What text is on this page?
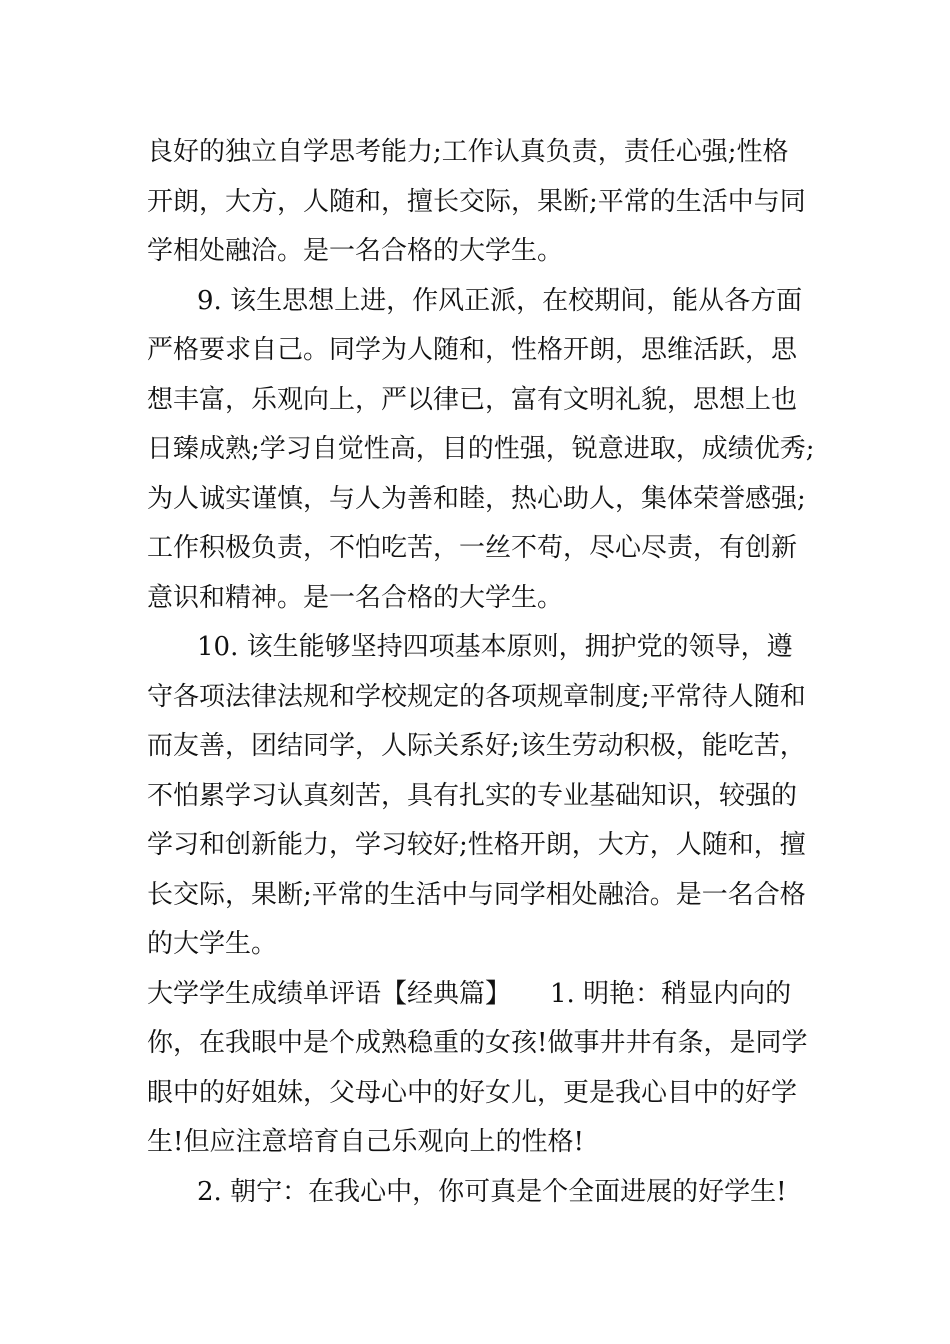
良好的独立自学思考能力;工作认真负责，责任心强;性格
开朗，大方，人随和，擅长交际，果断;平常的生活中与同
学相处融洽。是一名合格的大学生。
9. 该生思想上进，作风正派，在校期间，能从各方面
严格要求自己。同学为人随和，性格开朗，思维活跃，思
想丰富，乐观向上，严以律已，富有文明礼貌，思想上也
日臻成熟;学习自觉性高，目的性强，锐意进取，成绩优秀;
为人诚实谨慎，与人为善和睦，热心助人，集体荣誉感强;
工作积极负责，不怕吃苦，一丝不苟，尽心尽责，有创新
意识和精神。是一名合格的大学生。
10. 该生能够坚持四项基本原则，拥护党的领导，遵
守各项法律法规和学校规定的各项规章制度;平常待人随和
而友善，团结同学，人际关系好;该生劳动积极，能吃苦，
不怕累学习认真刻苦，具有扎实的专业基础知识，较强的
学习和创新能力，学习较好;性格开朗，大方，人随和，擅
长交际，果断;平常的生活中与同学相处融洽。是一名合格
的大学生。
大学学生成绩单评语【经典篇】　　1. 明艳：稍显内向的
你，在我眼中是个成熟稳重的女孩!做事井井有条，是同学
眼中的好姐妹，父母心中的好女儿，更是我心目中的好学
生!但应注意培育自己乐观向上的性格!
2. 朝宁：在我心中，你可真是个全面进展的好学生!
